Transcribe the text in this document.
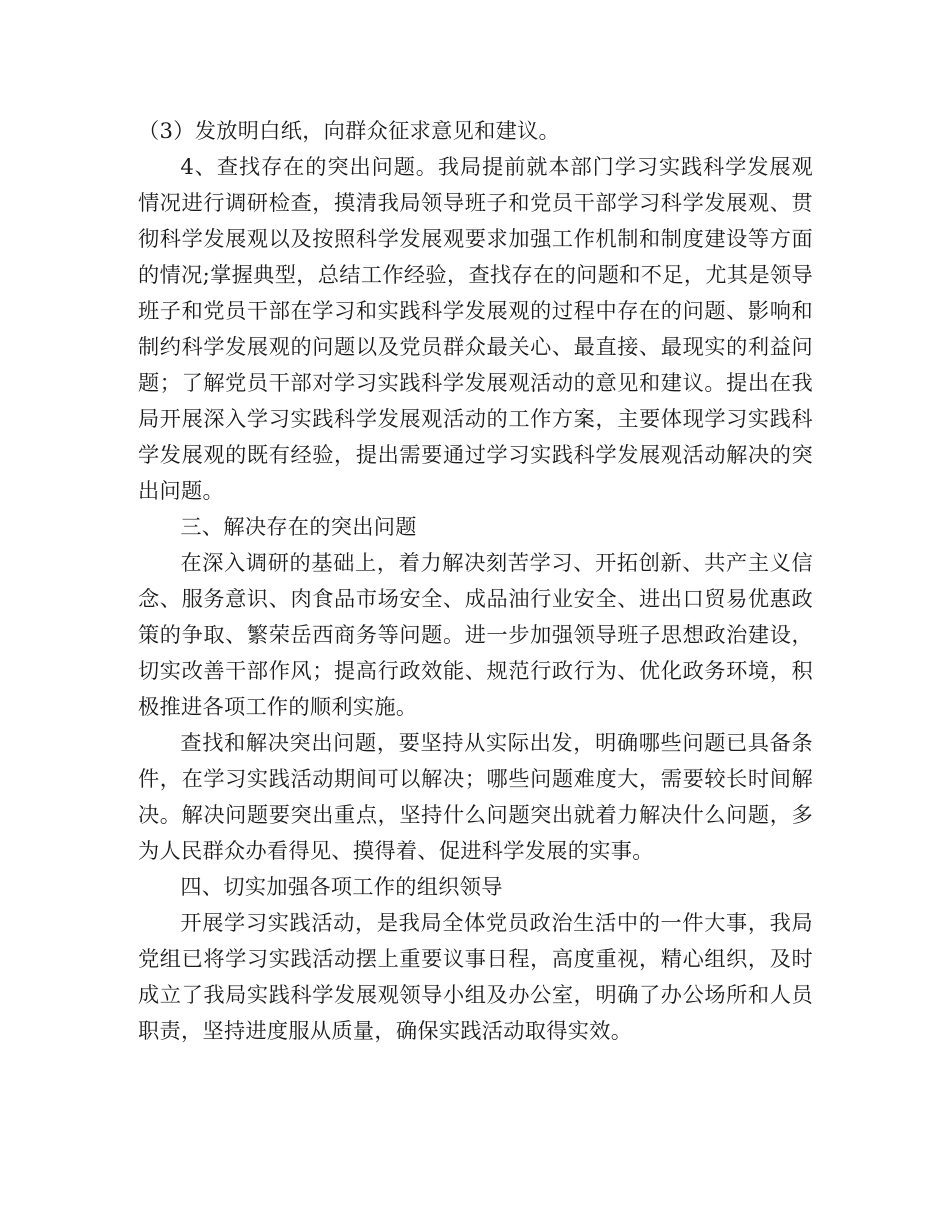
（3）发放明白纸，向群众征求意见和建议。

4、查找存在的突出问题。我局提前就本部门学习实践科学发展观情况进行调研检查，摸清我局领导班子和党员干部学习科学发展观、贯彻科学发展观以及按照科学发展观要求加强工作机制和制度建设等方面的情况;掌握典型，总结工作经验，查找存在的问题和不足，尤其是领导班子和党员干部在学习和实践科学发展观的过程中存在的问题、影响和制约科学发展观的问题以及党员群众最关心、最直接、最现实的利益问题；了解党员干部对学习实践科学发展观活动的意见和建议。提出在我局开展深入学习实践科学发展观活动的工作方案，主要体现学习实践科学发展观的既有经验，提出需要通过学习实践科学发展观活动解决的突出问题。

三、解决存在的突出问题

在深入调研的基础上，着力解决刻苦学习、开拓创新、共产主义信念、服务意识、肉食品市场安全、成品油行业安全、进出口贸易优惠政策的争取、繁荣岳西商务等问题。进一步加强领导班子思想政治建设，切实改善干部作风；提高行政效能、规范行政行为、优化政务环境，积极推进各项工作的顺利实施。

查找和解决突出问题，要坚持从实际出发，明确哪些问题已具备条件，在学习实践活动期间可以解决；哪些问题难度大，需要较长时间解决。解决问题要突出重点，坚持什么问题突出就着力解决什么问题，多为人民群众办看得见、摸得着、促进科学发展的实事。

四、切实加强各项工作的组织领导

开展学习实践活动，是我局全体党员政治生活中的一件大事，我局党组已将学习实践活动摆上重要议事日程，高度重视，精心组织，及时成立了我局实践科学发展观领导小组及办公室，明确了办公场所和人员职责，坚持进度服从质量，确保实践活动取得实效。
